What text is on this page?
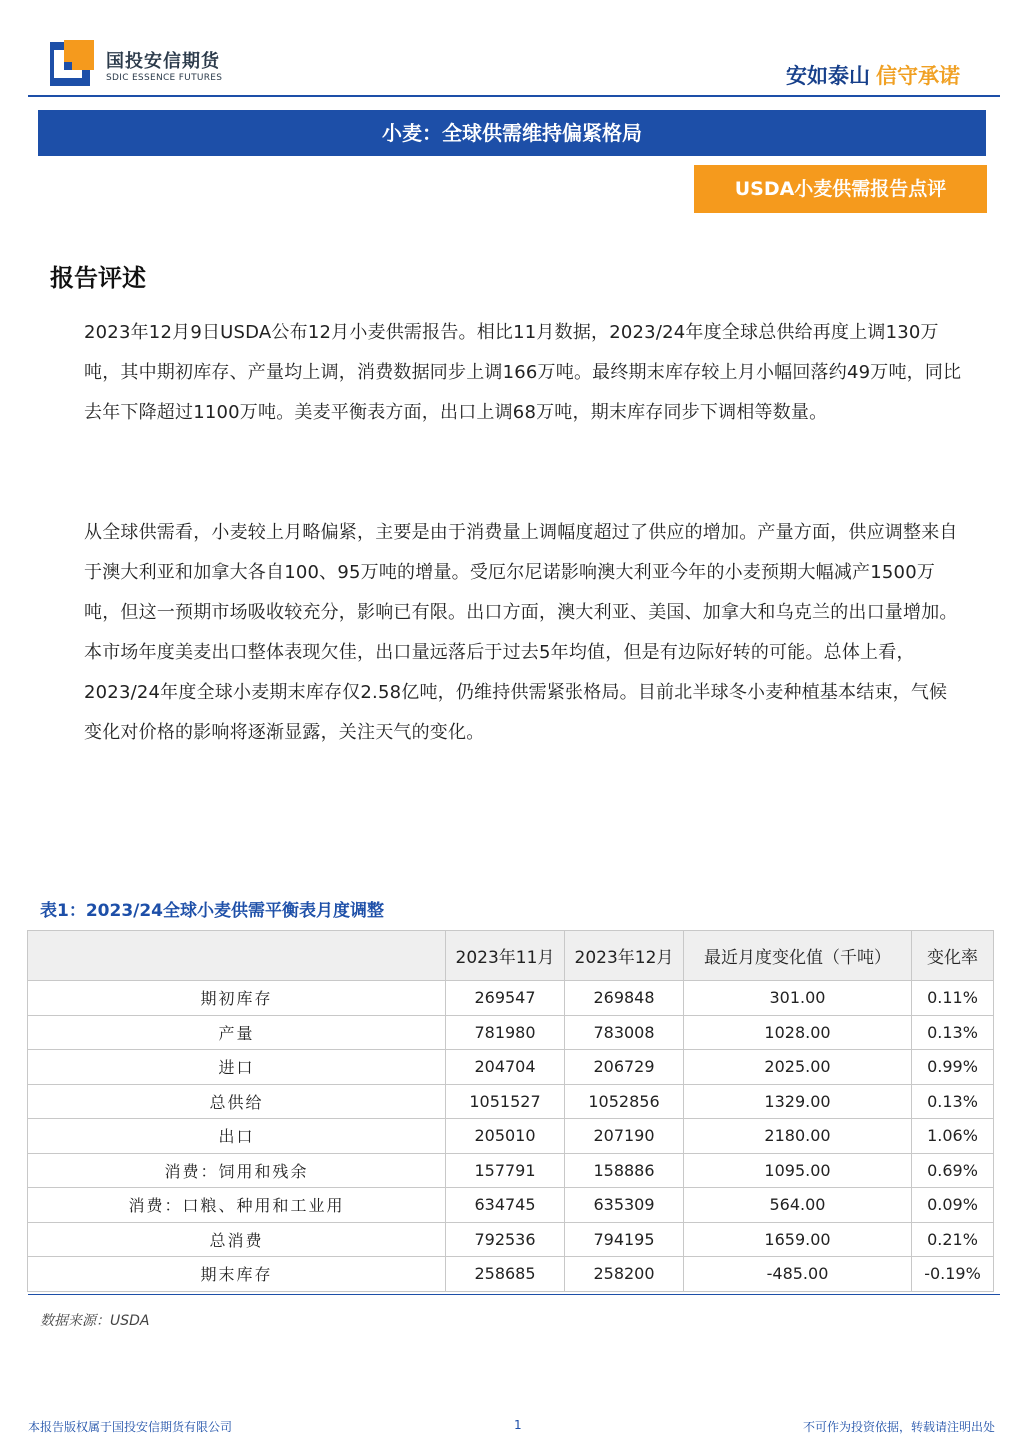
国投安信期货
SDIC ESSENCE FUTURES	安如泰山 信守承诺
小麦：全球供需维持偏紧格局
USDA小麦供需报告点评
报告评述

2023年12月9日USDA公布12月小麦供需报告。相比11月数据，2023/24年度全球总供给再度上调130万吨，其中期初库存、产量均上调，消费数据同步上调166万吨。最终期末库存较上月小幅回落约49万吨，同比去年下降超过1100万吨。美麦平衡表方面，出口上调68万吨，期末库存同步下调相等数量。

从全球供需看，小麦较上月略偏紧，主要是由于消费量上调幅度超过了供应的增加。产量方面，供应调整来自于澳大利亚和加拿大各自100、95万吨的增量。受厄尔尼诺影响澳大利亚今年的小麦预期大幅减产1500万吨，但这一预期市场吸收较充分，影响已有限。出口方面，澳大利亚、美国、加拿大和乌克兰的出口量增加。本市场年度美麦出口整体表现欠佳，出口量远落后于过去5年均值，但是有边际好转的可能。总体上看，2023/24年度全球小麦期末库存仅2.58亿吨，仍维持供需紧张格局。目前北半球冬小麦种植基本结束，气候变化对价格的影响将逐渐显露，关注天气的变化。

表1：2023/24全球小麦供需平衡表月度调整
	2023年11月	2023年12月	最近月度变化值（千吨）	变化率
期初库存	269547	269848	301.00	0.11%
产量	781980	783008	1028.00	0.13%
进口	204704	206729	2025.00	0.99%
总供给	1051527	1052856	1329.00	0.13%
出口	205010	207190	2180.00	1.06%
消费：饲用和残余	157791	158886	1095.00	0.69%
消费：口粮、种用和工业用	634745	635309	564.00	0.09%
总消费	792536	794195	1659.00	0.21%
期末库存	258685	258200	-485.00	-0.19%
数据来源：USDA
本报告版权属于国投安信期货有限公司	1	不可作为投资依据，转载请注明出处
